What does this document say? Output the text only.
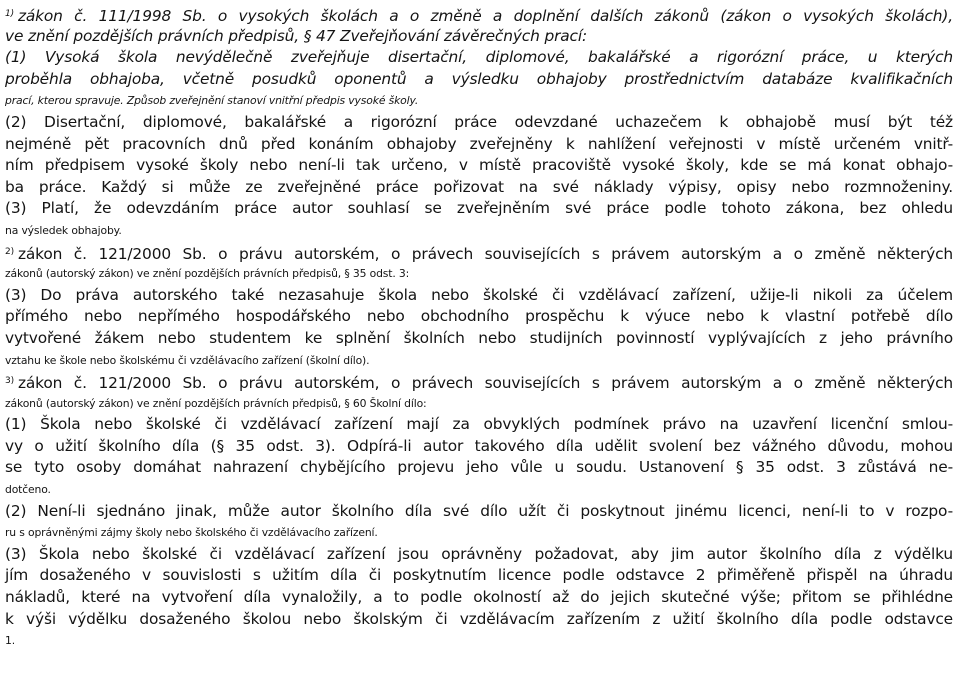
$^{1)}$ zákon č. 111/1998 Sb. o vysokých školách a o změně a doplnění dalších zákonů (zákon o vysokých školách),
ve znění pozdějších právních předpisů, § 47 Zveřejňování závěrečných prací:
(1) Vysoká škola nevýdělečně zveřejňuje disertační, diplomové, bakalářské a rigorózní práce, u kterých
proběhla obhajoba, včetně posudků oponentů a výsledku obhajoby prostřednictvím databáze kvalifikačních
prací, kterou spravuje. Způsob zveřejnění stanoví vnitřní předpis vysoké školy.
(2) Disertační, diplomové, bakalářské a rigorózní práce odevzdané uchazečem k obhajobě musí být též
nejméně pět pracovních dnů před konáním obhajoby zveřejněny k nahlížení veřejnosti v místě určeném vnitř-
ním předpisem vysoké školy nebo není-li tak určeno, v místě pracoviště vysoké školy, kde se má konat obhajo-
ba práce. Každý si může ze zveřejněné práce pořizovat na své náklady výpisy, opisy nebo rozmnoženiny.
(3) Platí, že odevzdáním práce autor souhlasí se zveřejněním své práce podle tohoto zákona, bez ohledu
na výsledek obhajoby.
$^{2)}$ zákon č. 121/2000 Sb. o právu autorském, o právech souvisejících s právem autorským a o změně některých
zákonů (autorský zákon) ve znění pozdějších právních předpisů, § 35 odst. 3:
(3) Do práva autorského také nezasahuje škola nebo školské či vzdělávací zařízení, užije-li nikoli za účelem
přímého nebo nepřímého hospodářského nebo obchodního prospěchu k výuce nebo k vlastní potřebě dílo
vytvořené žákem nebo studentem ke splnění školních nebo studijních povinností vyplývajících z jeho právního
vztahu ke škole nebo školskému či vzdělávacího zařízení (školní dílo).
$^{3)}$ zákon č. 121/2000 Sb. o právu autorském, o právech souvisejících s právem autorským a o změně některých
zákonů (autorský zákon) ve znění pozdějších právních předpisů, § 60 Školní dílo:
(1) Škola nebo školské či vzdělávací zařízení mají za obvyklých podmínek právo na uzavření licenční smlou-
vy o užití školního díla (§ 35 odst. 3). Odpírá-li autor takového díla udělit svolení bez vážného důvodu, mohou
se tyto osoby domáhat nahrazení chybějícího projevu jeho vůle u soudu. Ustanovení § 35 odst. 3 zůstává ne-
dotčeno.
(2) Není-li sjednáno jinak, může autor školního díla své dílo užít či poskytnout jinému licenci, není-li to v rozpo-
ru s oprávněnými zájmy školy nebo školského či vzdělávacího zařízení.
(3) Škola nebo školské či vzdělávací zařízení jsou oprávněny požadovat, aby jim autor školního díla z výdělku
jím dosaženého v souvislosti s užitím díla či poskytnutím licence podle odstavce 2 přiměřeně přispěl na úhradu
nákladů, které na vytvoření díla vynaložily, a to podle okolností až do jejich skutečné výše; přitom se přihlédne
k výši výdělku dosaženého školou nebo školským či vzdělávacím zařízením z užití školního díla podle odstavce
1.
